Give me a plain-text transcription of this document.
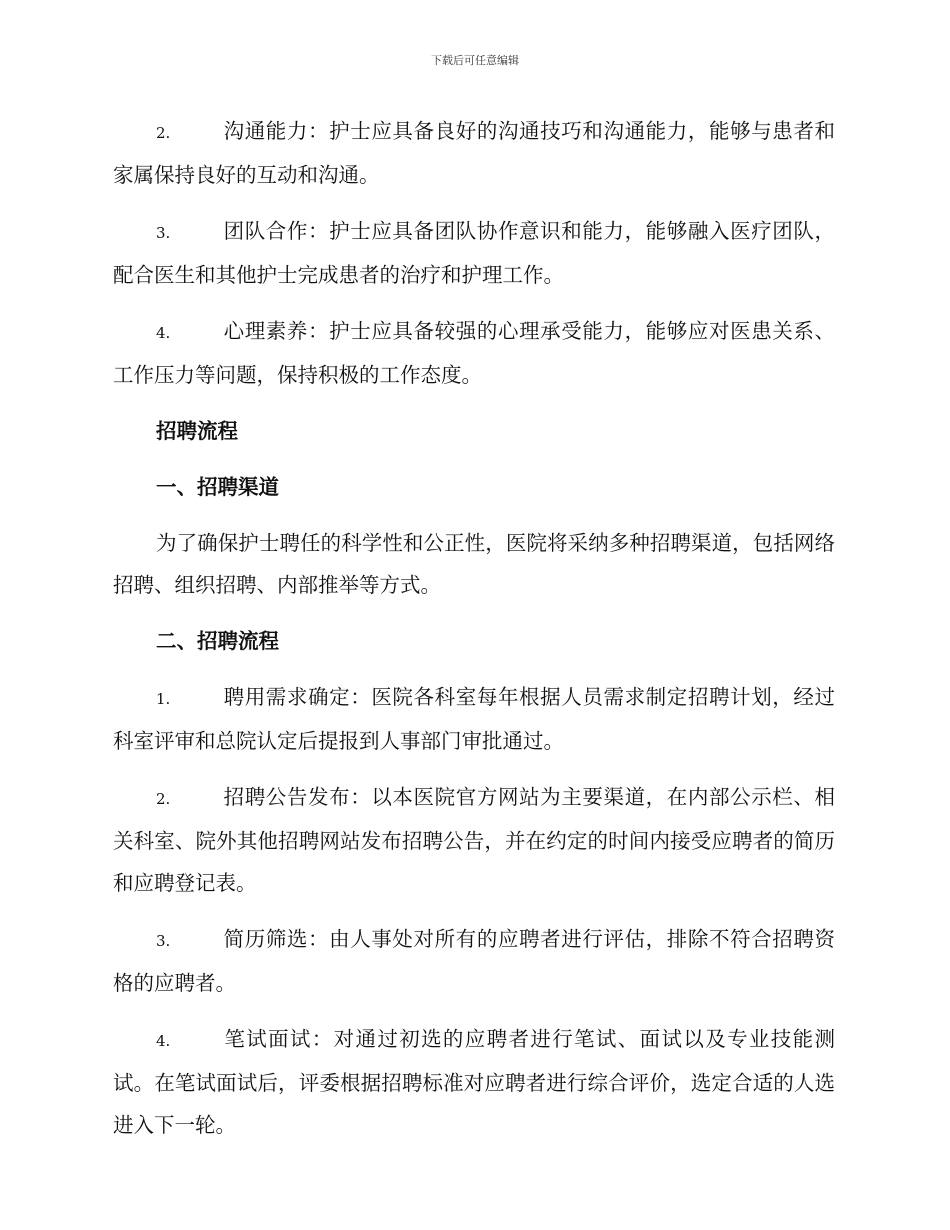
下载后可任意编辑

2.	沟通能力：护士应具备良好的沟通技巧和沟通能力，能够与患者和家属保持良好的互动和沟通。

3.	团队合作：护士应具备团队协作意识和能力，能够融入医疗团队，配合医生和其他护士完成患者的治疗和护理工作。

4.	心理素养：护士应具备较强的心理承受能力，能够应对医患关系、工作压力等问题，保持积极的工作态度。

招聘流程
一、招聘渠道

为了确保护士聘任的科学性和公正性，医院将采纳多种招聘渠道，包括网络招聘、组织招聘、内部推举等方式。

二、招聘流程

1.	聘用需求确定：医院各科室每年根据人员需求制定招聘计划，经过科室评审和总院认定后提报到人事部门审批通过。

2.	招聘公告发布：以本医院官方网站为主要渠道，在内部公示栏、相关科室、院外其他招聘网站发布招聘公告，并在约定的时间内接受应聘者的简历和应聘登记表。

3.	简历筛选：由人事处对所有的应聘者进行评估，排除不符合招聘资格的应聘者。

4.	笔试面试：对通过初选的应聘者进行笔试、面试以及专业技能测试。在笔试面试后，评委根据招聘标准对应聘者进行综合评价，选定合适的人选进入下一轮。
